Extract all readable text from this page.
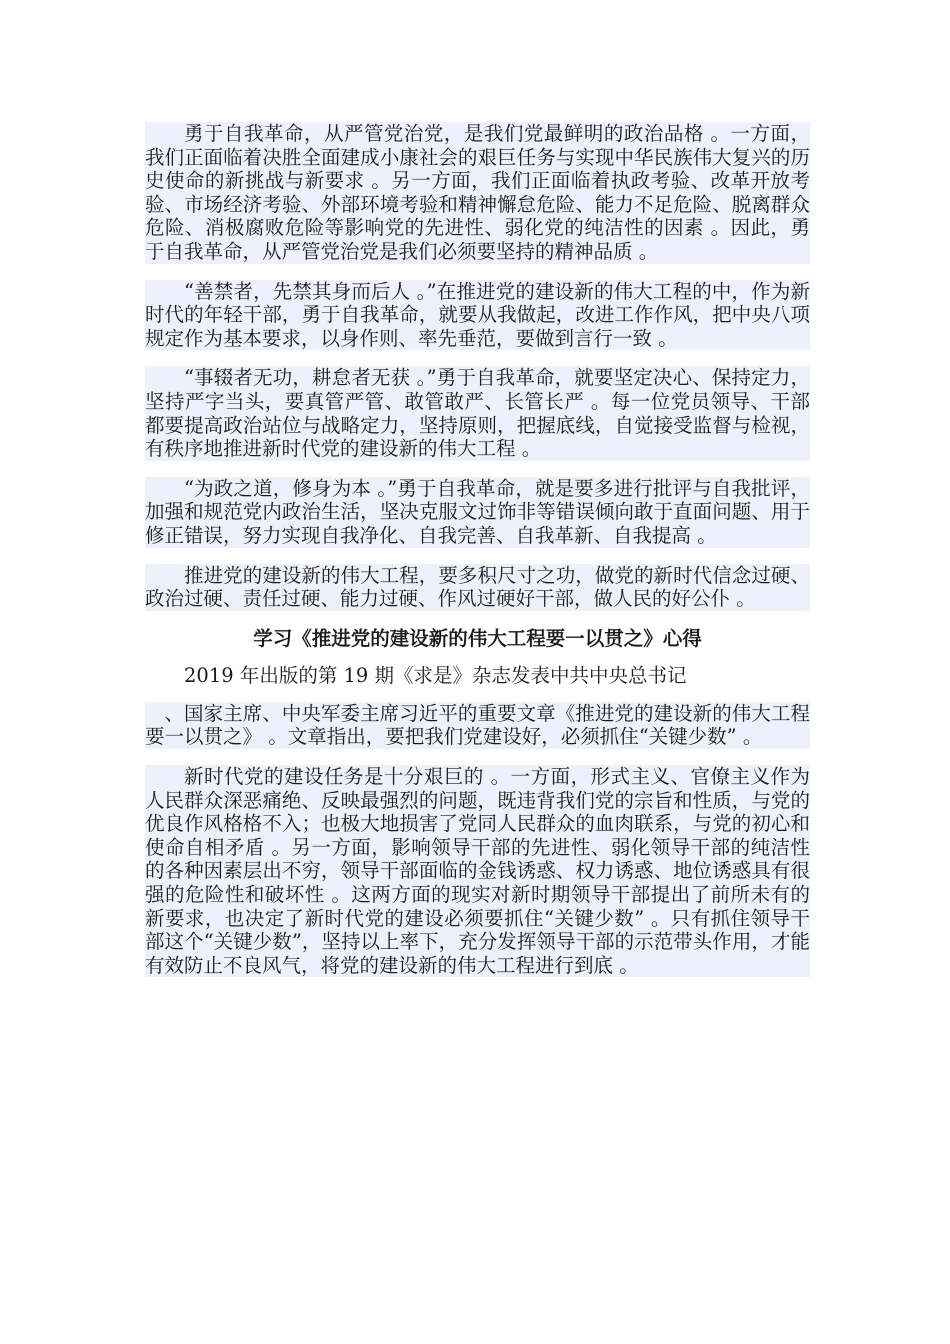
勇于自我革命，从严管党治党，是我们党最鲜明的政治品格 。一方面，我们正面临着决胜全面建成小康社会的艰巨任务与实现中华民族伟大复兴的历史使命的新挑战与新要求 。另一方面，我们正面临着执政考验、改革开放考验、市场经济考验、外部环境考验和精神懈怠危险、能力不足危险、脱离群众危险、消极腐败危险等影响党的先进性、弱化党的纯洁性的因素 。因此，勇于自我革命，从严管党治党是我们必须要坚持的精神品质 。

“善禁者，先禁其身而后人 。”在推进党的建设新的伟大工程的中，作为新时代的年轻干部，勇于自我革命，就要从我做起，改进工作作风，把中央八项规定作为基本要求，以身作则、率先垂范，要做到言行一致 。

“事辍者无功，耕怠者无获 。”勇于自我革命，就要坚定决心、保持定力，坚持严字当头，要真管严管、敢管敢严、长管长严 。每一位党员领导、干部都要提高政治站位与战略定力，坚持原则，把握底线，自觉接受监督与检视，有秩序地推进新时代党的建设新的伟大工程 。

“为政之道，修身为本 。”勇于自我革命，就是要多进行批评与自我批评，加强和规范党内政治生活，坚决克服文过饰非等错误倾向敢于直面问题、用于修正错误，努力实现自我净化、自我完善、自我革新、自我提高 。

推进党的建设新的伟大工程，要多积尺寸之功，做党的新时代信念过硬、政治过硬、责任过硬、能力过硬、作风过硬好干部，做人民的好公仆 。

学习《推进党的建设新的伟大工程要一以贯之》心得

2019 年出版的第 19 期《求是》杂志发表中共中央总书记

、国家主席、中央军委主席习近平的重要文章《推进党的建设新的伟大工程要一以贯之》 。文章指出，要把我们党建设好，必须抓住“关键少数” 。

新时代党的建设任务是十分艰巨的 。一方面，形式主义、官僚主义作为人民群众深恶痛绝、反映最强烈的问题，既违背我们党的宗旨和性质，与党的优良作风格格不入；也极大地损害了党同人民群众的血肉联系，与党的初心和使命自相矛盾 。另一方面，影响领导干部的先进性、弱化领导干部的纯洁性的各种因素层出不穷，领导干部面临的金钱诱惑、权力诱惑、地位诱惑具有很强的危险性和破坏性 。这两方面的现实对新时期领导干部提出了前所未有的新要求，也决定了新时代党的建设必须要抓住“关键少数” 。只有抓住领导干部这个“关键少数”，坚持以上率下，充分发挥领导干部的示范带头作用，才能有效防止不良风气，将党的建设新的伟大工程进行到底 。
